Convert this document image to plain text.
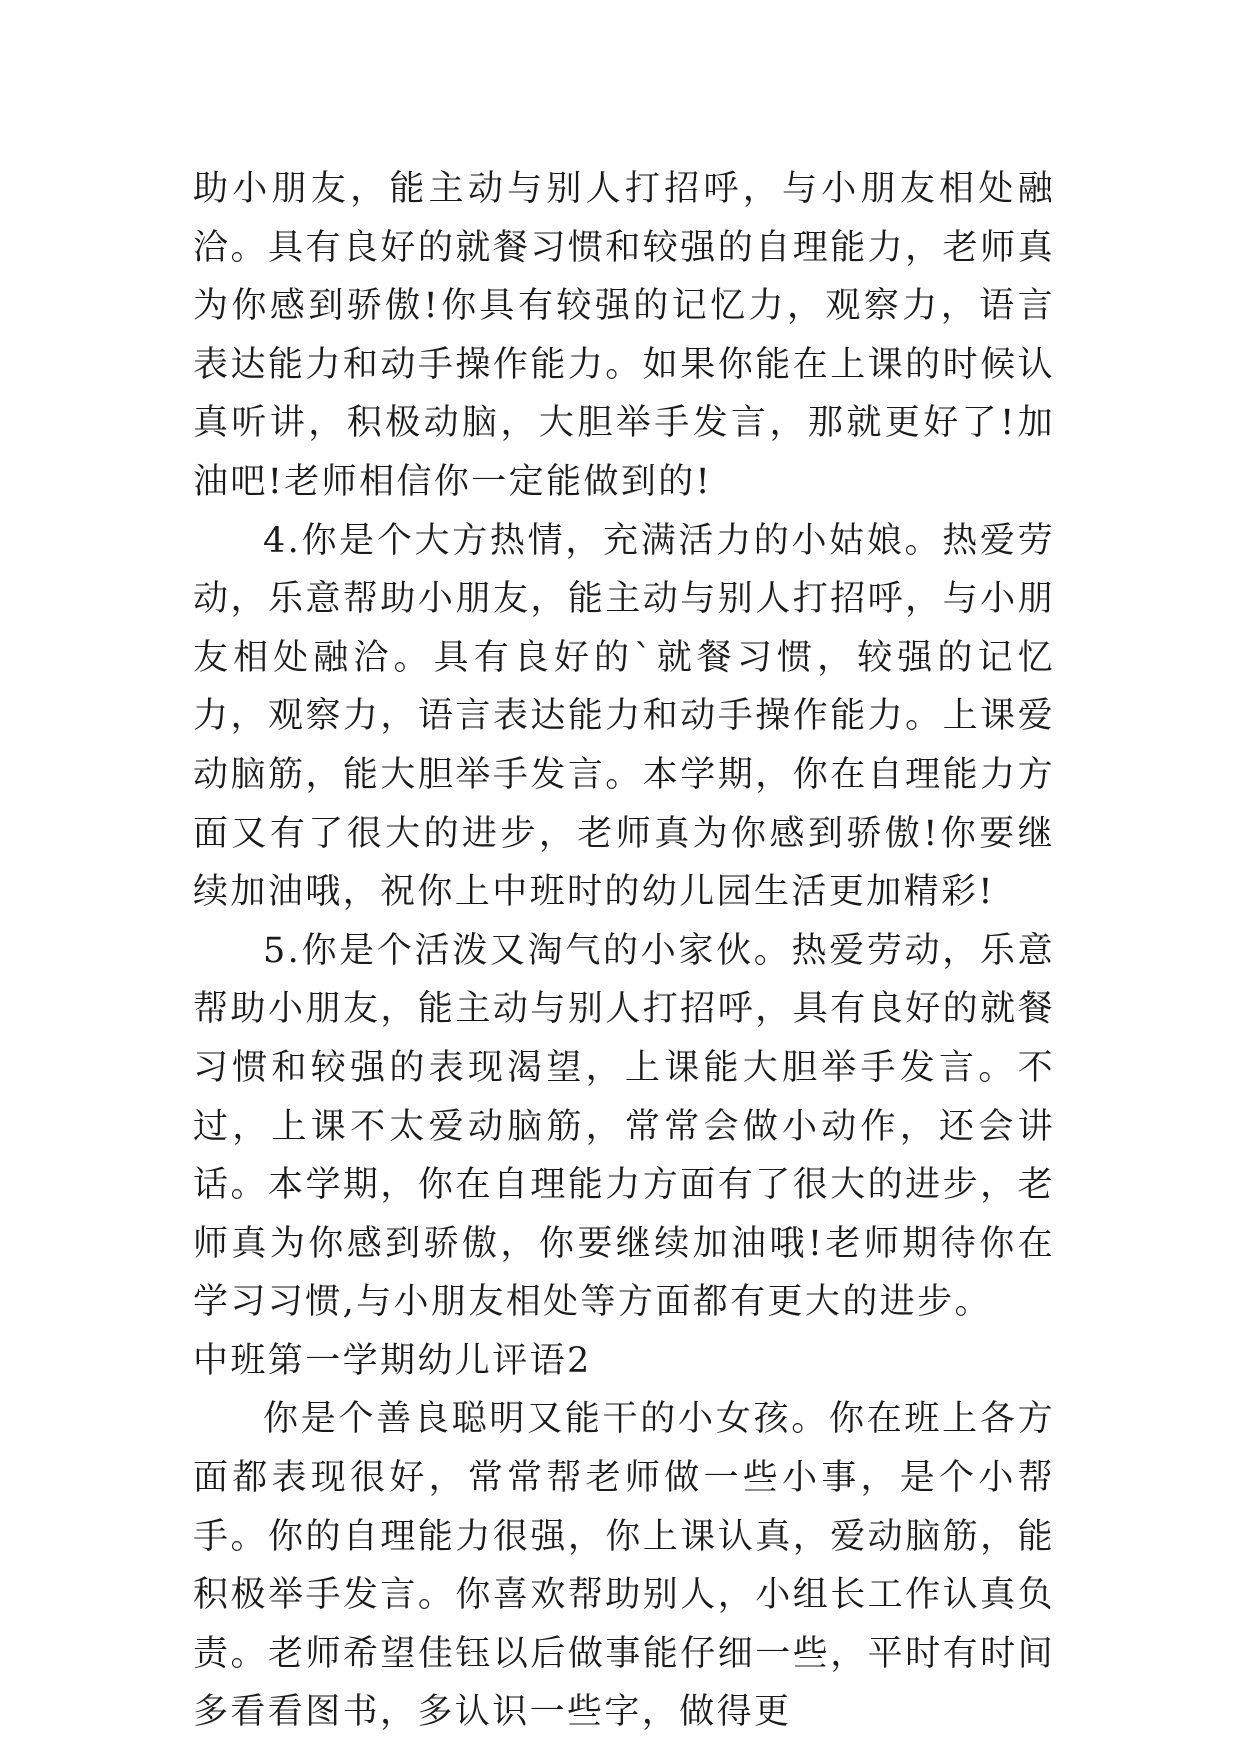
助小朋友，能主动与别人打招呼，与小朋友相处融洽。具有良好的就餐习惯和较强的自理能力，老师真为你感到骄傲!你具有较强的记忆力，观察力，语言表达能力和动手操作能力。如果你能在上课的时候认真听讲，积极动脑，大胆举手发言，那就更好了!加油吧!老师相信你一定能做到的!

4.你是个大方热情，充满活力的小姑娘。热爱劳动，乐意帮助小朋友，能主动与别人打招呼，与小朋友相处融洽。具有良好的`就餐习惯，较强的记忆力，观察力，语言表达能力和动手操作能力。上课爱动脑筋，能大胆举手发言。本学期，你在自理能力方面又有了很大的进步，老师真为你感到骄傲!你要继续加油哦，祝你上中班时的幼儿园生活更加精彩!

5.你是个活泼又淘气的小家伙。热爱劳动，乐意帮助小朋友，能主动与别人打招呼，具有良好的就餐习惯和较强的表现渴望，上课能大胆举手发言。不过，上课不太爱动脑筋，常常会做小动作，还会讲话。本学期，你在自理能力方面有了很大的进步，老师真为你感到骄傲，你要继续加油哦!老师期待你在学习习惯,与小朋友相处等方面都有更大的进步。

中班第一学期幼儿评语2

你是个善良聪明又能干的小女孩。你在班上各方面都表现很好，常常帮老师做一些小事，是个小帮手。你的自理能力很强，你上课认真，爱动脑筋，能积极举手发言。你喜欢帮助别人，小组长工作认真负责。老师希望佳钰以后做事能仔细一些，平时有时间多看看图书，多认识一些字，做得更
